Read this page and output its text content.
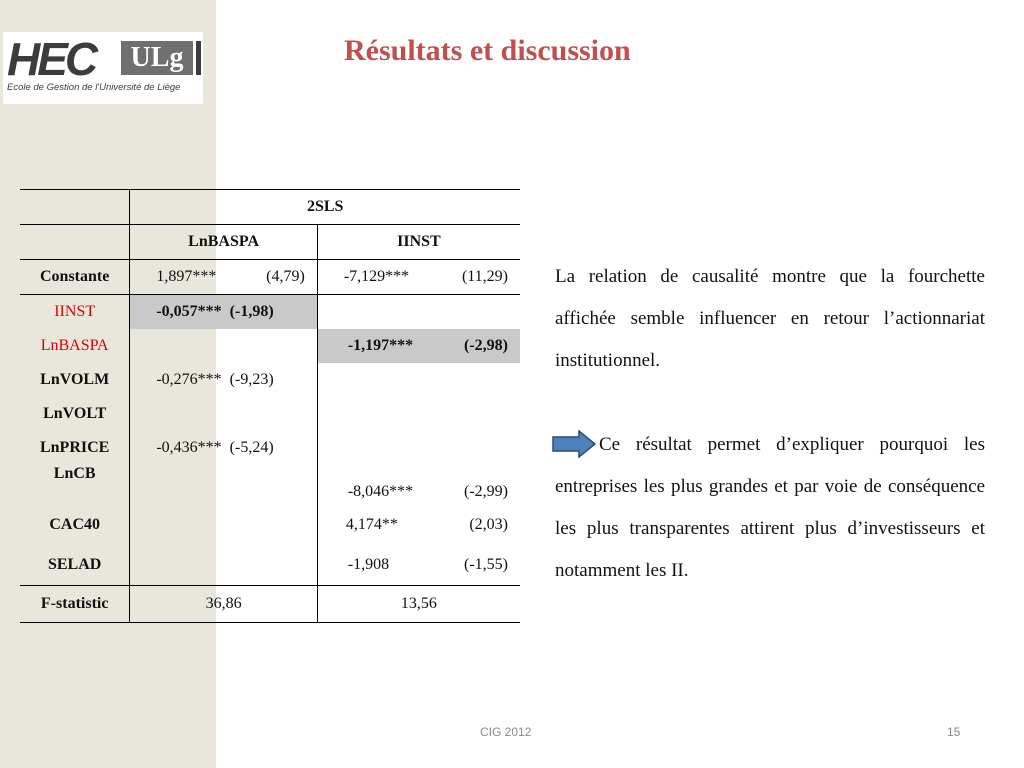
HEC	ULg
Ecole de Gestion de l'Université de Liège
Résultats et discussion
	2SLS	
	LnBASPA	IINST
Constante	1,897*** (4,79)	-7,129*** (11,29)

IINST	-0,057*** (-1,98)	

LnBASPA		-1,197*** (-2,98)

LnVOLM	-0,276*** (-9,23)	

LnVOLT		
LnPRICE	-0,436*** (-5,24)	

LnCB		-8,046*** (-2,99)

CAC40		4,174** (2,03)

SELAD		-1,908 (-1,55)

F-statistic	36,86	13,56

La relation de causalité montre que la fourchette affichée semble influencer en retour l’actionnariat institutionnel.

Ce résultat permet d’expliquer pourquoi les entreprises les plus grandes et par voie de conséquence les plus transparentes attirent plus d’investisseurs et notamment les II.

CIG 2012	15
